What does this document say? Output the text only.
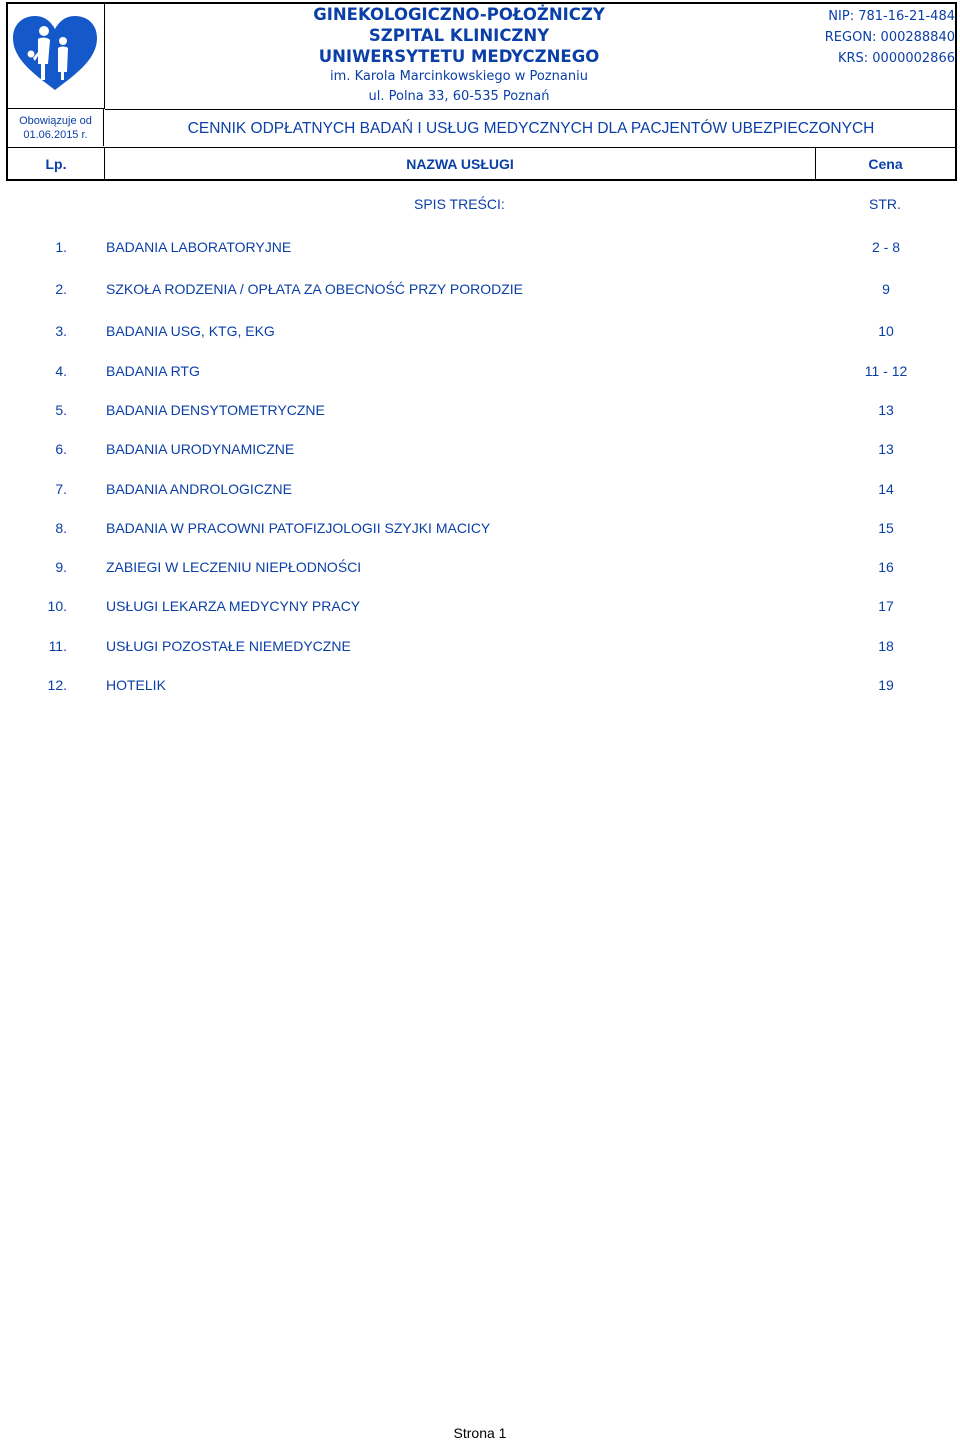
Obowiązuje od
01.06.2015 r.
GINEKOLOGICZNO-POŁOŻNICZY
SZPITAL KLINICZNY
UNIWERSYTETU MEDYCZNEGO
im. Karola Marcinkowskiego w Poznaniu
ul. Polna 33, 60-535 Poznań
NIP: 781-16-21-484
REGON: 000288840
KRS: 0000002866
CENNIK ODPŁATNYCH BADAŃ I USŁUG MEDYCZNYCH DLA PACJENTÓW UBEZPIECZONYCH
Lp.	NAZWA USŁUGI	Cena
SPIS TREŚCI:	STR.
1.	BADANIA LABORATORYJNE	2 - 8
2.	SZKOŁA RODZENIA / OPŁATA ZA OBECNOŚĆ PRZY PORODZIE	9
3.	BADANIA USG, KTG, EKG	10
4.	BADANIA RTG	11 - 12
5.	BADANIA DENSYTOMETRYCZNE	13
6.	BADANIA URODYNAMICZNE	13
7.	BADANIA ANDROLOGICZNE	14
8.	BADANIA W PRACOWNI PATOFIZJOLOGII SZYJKI MACICY	15
9.	ZABIEGI W LECZENIU NIEPŁODNOŚCI	16
10.	USŁUGI LEKARZA MEDYCYNY PRACY	17
11.	USŁUGI POZOSTAŁE NIEMEDYCZNE	18
12.	HOTELIK	19
Strona 1
